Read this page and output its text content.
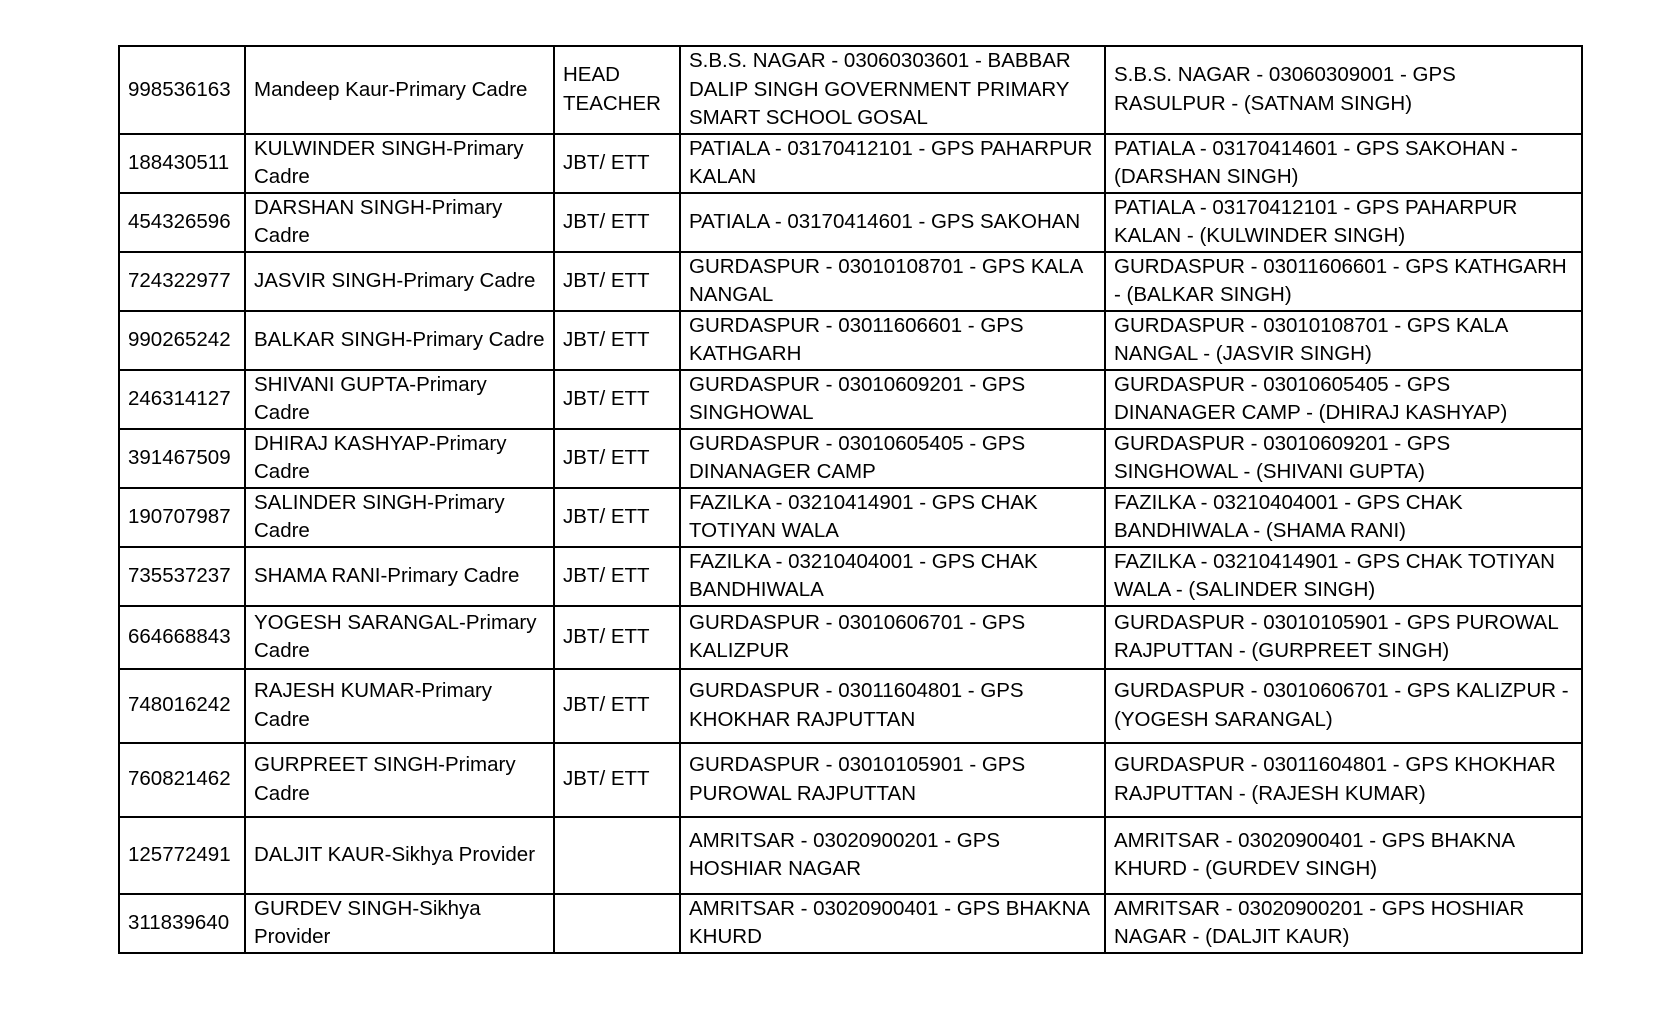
998536163	Mandeep Kaur-Primary Cadre	HEAD TEACHER	S.B.S. NAGAR - 03060303601 - BABBAR DALIP SINGH GOVERNMENT PRIMARY SMART SCHOOL GOSAL	S.B.S. NAGAR - 03060309001 - GPS RASULPUR - (SATNAM SINGH)
188430511	KULWINDER SINGH-Primary Cadre	JBT/ ETT	PATIALA - 03170412101 - GPS PAHARPUR KALAN	PATIALA - 03170414601 - GPS SAKOHAN - (DARSHAN SINGH)
454326596	DARSHAN SINGH-Primary Cadre	JBT/ ETT	PATIALA - 03170414601 - GPS SAKOHAN	PATIALA - 03170412101 - GPS PAHARPUR KALAN - (KULWINDER SINGH)
724322977	JASVIR SINGH-Primary Cadre	JBT/ ETT	GURDASPUR - 03010108701 - GPS KALA NANGAL	GURDASPUR - 03011606601 - GPS KATHGARH - (BALKAR SINGH)
990265242	BALKAR SINGH-Primary Cadre	JBT/ ETT	GURDASPUR - 03011606601 - GPS KATHGARH	GURDASPUR - 03010108701 - GPS KALA NANGAL - (JASVIR SINGH)
246314127	SHIVANI GUPTA-Primary Cadre	JBT/ ETT	GURDASPUR - 03010609201 - GPS SINGHOWAL	GURDASPUR - 03010605405 - GPS DINANAGER CAMP - (DHIRAJ KASHYAP)
391467509	DHIRAJ KASHYAP-Primary Cadre	JBT/ ETT	GURDASPUR - 03010605405 - GPS DINANAGER CAMP	GURDASPUR - 03010609201 - GPS SINGHOWAL - (SHIVANI GUPTA)
190707987	SALINDER SINGH-Primary Cadre	JBT/ ETT	FAZILKA - 03210414901 - GPS CHAK TOTIYAN WALA	FAZILKA - 03210404001 - GPS CHAK BANDHIWALA - (SHAMA RANI)
735537237	SHAMA RANI-Primary Cadre	JBT/ ETT	FAZILKA - 03210404001 - GPS CHAK BANDHIWALA	FAZILKA - 03210414901 - GPS CHAK TOTIYAN WALA - (SALINDER SINGH)
664668843	YOGESH SARANGAL-Primary Cadre	JBT/ ETT	GURDASPUR - 03010606701 - GPS KALIZPUR	GURDASPUR - 03010105901 - GPS PUROWAL RAJPUTTAN - (GURPREET SINGH)
748016242	RAJESH KUMAR-Primary Cadre	JBT/ ETT	GURDASPUR - 03011604801 - GPS KHOKHAR RAJPUTTAN	GURDASPUR - 03010606701 - GPS KALIZPUR - (YOGESH SARANGAL)
760821462	GURPREET SINGH-Primary Cadre	JBT/ ETT	GURDASPUR - 03010105901 - GPS PUROWAL RAJPUTTAN	GURDASPUR - 03011604801 - GPS KHOKHAR RAJPUTTAN - (RAJESH KUMAR)
125772491	DALJIT KAUR-Sikhya Provider		AMRITSAR - 03020900201 - GPS HOSHIAR NAGAR	AMRITSAR - 03020900401 - GPS BHAKNA KHURD - (GURDEV SINGH)
311839640	GURDEV SINGH-Sikhya Provider		AMRITSAR - 03020900401 - GPS BHAKNA KHURD	AMRITSAR - 03020900201 - GPS HOSHIAR NAGAR - (DALJIT KAUR)
